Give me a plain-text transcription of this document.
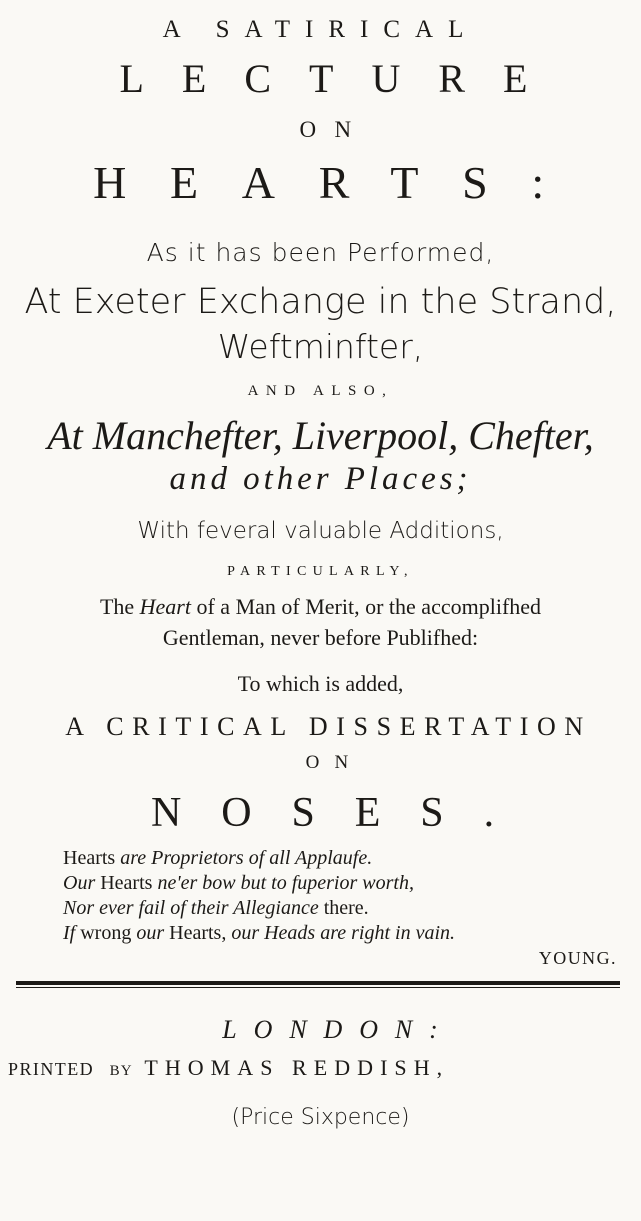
A SATIRICAL
LECTURE
ON
HEARTS:
As it has been Performed,
At Exeter Exchange in the Strand,
Weftminfter,
AND ALSO,
At Manchefter, Liverpool, Chefter,
and other Places;
With feveral valuable Additions,
PARTICULARLY,
The Heart of a Man of Merit, or the accomplifhed
Gentleman, never before Publifhed:
To which is added,
A CRITICAL DISSERTATION
ON
NOSES.
Hearts are Proprietors of all Applaufe.
Our Hearts ne'er bow but to fuperior worth,
Nor ever fail of their Allegiance there.
If wrong our Hearts, our Heads are right in vain.
YOUNG.
LONDON:
PRINTED BY THOMAS REDDISH,
(Price Sixpence)
